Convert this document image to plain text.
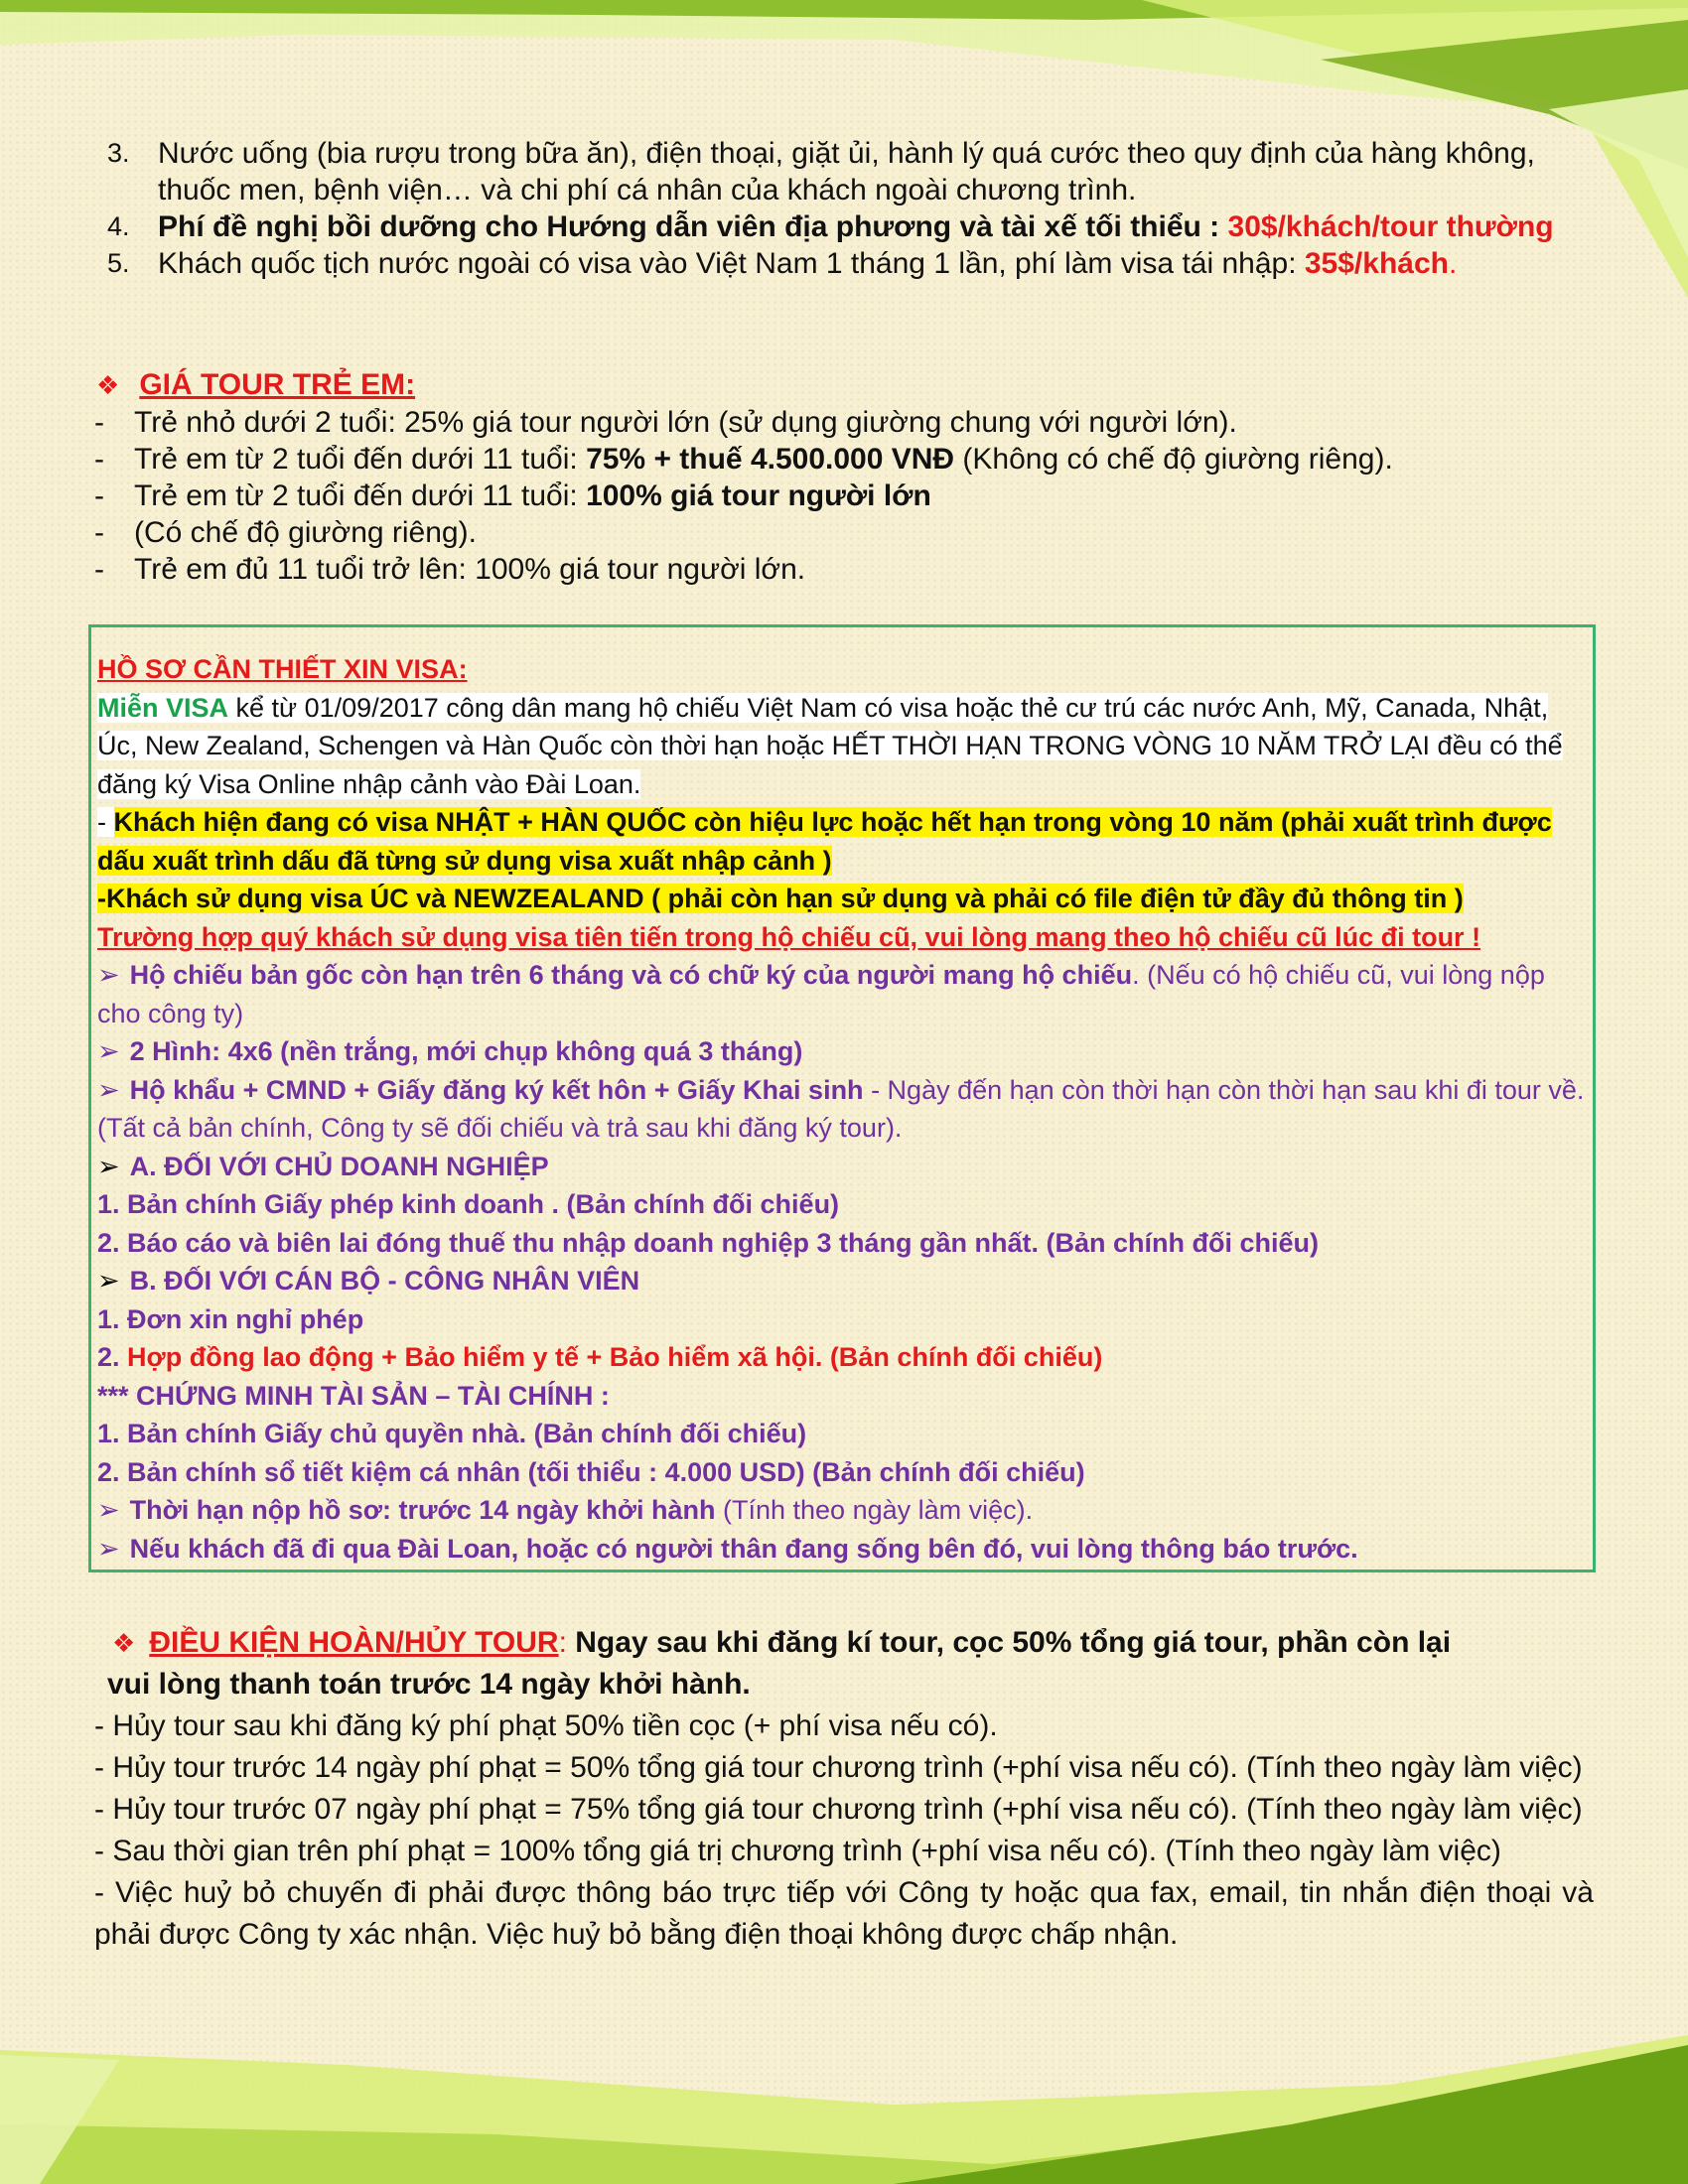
3. Nước uống (bia rượu trong bữa ăn), điện thoại, giặt ủi, hành lý quá cước theo quy định của hàng không, thuốc men, bệnh viện… và chi phí cá nhân của khách ngoài chương trình.
4. Phí đề nghị bồi dưỡng cho Hướng dẫn viên địa phương và tài xế tối thiểu : 30$/khách/tour thường
5. Khách quốc tịch nước ngoài có visa vào Việt Nam 1 tháng 1 lần, phí làm visa tái nhập: 35$/khách.
❖ GIÁ TOUR TRẺ EM:
- Trẻ nhỏ dưới 2 tuổi: 25% giá tour người lớn (sử dụng giường chung với người lớn).
- Trẻ em từ 2 tuổi đến dưới 11 tuổi: 75% + thuế 4.500.000 VNĐ (Không có chế độ giường riêng).
- Trẻ em từ 2 tuổi đến dưới 11 tuổi: 100% giá tour người lớn
- (Có chế độ giường riêng).
- Trẻ em đủ 11 tuổi trở lên: 100% giá tour người lớn.
HỒ SƠ CẦN THIẾT XIN VISA:
Miễn VISA kể từ 01/09/2017 công dân mang hộ chiếu Việt Nam có visa hoặc thẻ cư trú các nước Anh, Mỹ, Canada, Nhật, Úc, New Zealand, Schengen và Hàn Quốc còn thời hạn hoặc HẾT THỜI HẠN TRONG VÒNG 10 NĂM TRỞ LẠI đều có thể đăng ký Visa Online nhập cảnh vào Đài Loan.
- Khách hiện đang có visa NHẬT + HÀN QUỐC còn hiệu lực hoặc hết hạn trong vòng 10 năm (phải xuất trình được dấu xuất trình dấu đã từng sử dụng visa xuất nhập cảnh )
-Khách sử dụng visa ÚC và NEWZEALAND ( phải còn hạn sử dụng và phải có file điện tử đầy đủ thông tin )
Trường hợp quý khách sử dụng visa tiên tiến trong hộ chiếu cũ, vui lòng mang theo hộ chiếu cũ lúc đi tour !
➢ Hộ chiếu bản gốc còn hạn trên 6 tháng và có chữ ký của người mang hộ chiếu. (Nếu có hộ chiếu cũ, vui lòng nộp cho công ty)
➢ 2 Hình: 4x6 (nền trắng, mới chụp không quá 3 tháng)
➢ Hộ khẩu + CMND + Giấy đăng ký kết hôn + Giấy Khai sinh - Ngày đến hạn còn thời hạn còn thời hạn sau khi đi tour về. (Tất cả bản chính, Công ty sẽ đối chiếu và trả sau khi đăng ký tour).
➢ A. ĐỐI VỚI CHỦ DOANH NGHIỆP
1. Bản chính Giấy phép kinh doanh . (Bản chính đối chiếu)
2. Báo cáo và biên lai đóng thuế thu nhập doanh nghiệp 3 tháng gần nhất. (Bản chính đối chiếu)
➢ B. ĐỐI VỚI CÁN BỘ - CÔNG NHÂN VIÊN
1. Đơn xin nghỉ phép
2. Hợp đồng lao động + Bảo hiểm y tế + Bảo hiểm xã hội. (Bản chính đối chiếu)
*** CHỨNG MINH TÀI SẢN – TÀI CHÍNH :
1. Bản chính Giấy chủ quyền nhà. (Bản chính đối chiếu)
2. Bản chính sổ tiết kiệm cá nhân (tối thiểu : 4.000 USD) (Bản chính đối chiếu)
➢ Thời hạn nộp hồ sơ: trước 14 ngày khởi hành (Tính theo ngày làm việc).
➢ Nếu khách đã đi qua Đài Loan, hoặc có người thân đang sống bên đó, vui lòng thông báo trước.
❖ ĐIỀU KIỆN HOÀN/HỦY TOUR: Ngay sau khi đăng kí tour, cọc 50% tổng giá tour, phần còn lại
vui lòng thanh toán trước 14 ngày khởi hành.

- Hủy tour sau khi đăng ký phí phạt 50% tiền cọc (+ phí visa nếu có).

- Hủy tour trước 14 ngày phí phạt = 50% tổng giá tour chương trình (+phí visa nếu có). (Tính theo ngày làm việc)

- Hủy tour trước 07 ngày phí phạt = 75% tổng giá tour chương trình (+phí visa nếu có). (Tính theo ngày làm việc)

- Sau thời gian trên phí phạt = 100% tổng giá trị chương trình (+phí visa nếu có). (Tính theo ngày làm việc)

- Việc huỷ bỏ chuyến đi phải được thông báo trực tiếp với Công ty hoặc qua fax, email, tin nhắn điện thoại và phải được Công ty xác nhận. Việc huỷ bỏ bằng điện thoại không được chấp nhận.
